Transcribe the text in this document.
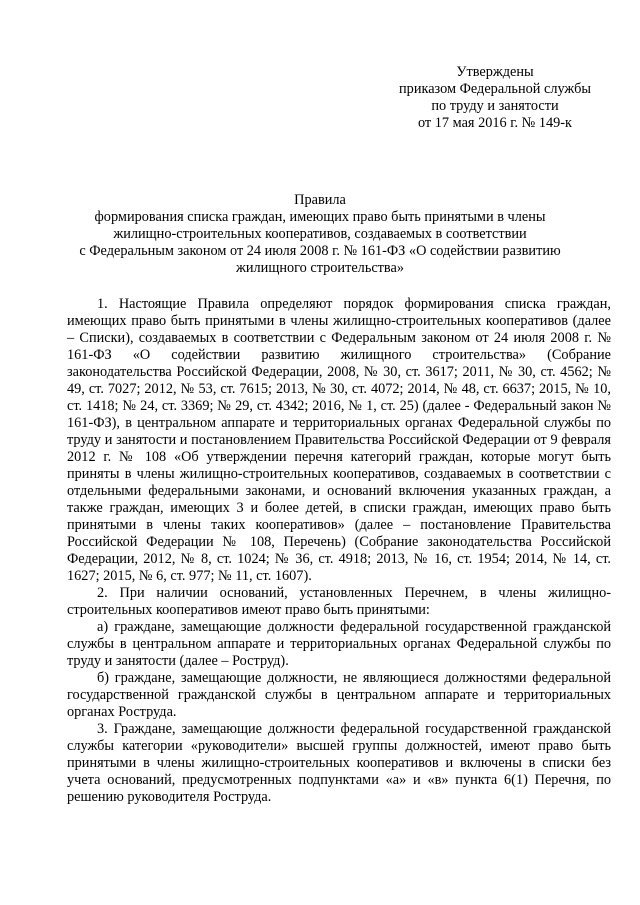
Утверждены
приказом Федеральной службы
по труду и занятости
от 17 мая 2016 г. № 149-к
Правила
формирования списка граждан, имеющих право быть принятыми в члены
жилищно-строительных кооперативов, создаваемых в соответствии
с Федеральным законом от 24 июля 2008 г. № 161-ФЗ «О содействии развитию
жилищного строительства»

1. Настоящие Правила определяют порядок формирования списка граждан, имеющих право быть принятыми в члены жилищно-строительных кооперативов (далее – Списки), создаваемых в соответствии с Федеральным законом от 24 июля 2008 г. № 161-ФЗ «О содействии развитию жилищного строительства» (Собрание законодательства Российской Федерации, 2008, № 30, ст. 3617; 2011, № 30, ст. 4562; № 49, ст. 7027; 2012, № 53, ст. 7615; 2013, № 30, ст. 4072; 2014, № 48, ст. 6637; 2015, № 10, ст. 1418; № 24, ст. 3369; № 29, ст. 4342; 2016, № 1, ст. 25) (далее - Федеральный закон № 161-ФЗ), в центральном аппарате и территориальных органах Федеральной службы по труду и занятости и постановлением Правительства Российской Федерации от 9 февраля 2012 г. № 108 «Об утверждении перечня категорий граждан, которые могут быть приняты в члены жилищно-строительных кооперативов, создаваемых в соответствии с отдельными федеральными законами, и оснований включения указанных граждан, а также граждан, имеющих 3 и более детей, в списки граждан, имеющих право быть принятыми в члены таких кооперативов» (далее – постановление Правительства Российской Федерации № 108, Перечень) (Собрание законодательства Российской Федерации, 2012, № 8, ст. 1024; № 36, ст. 4918; 2013, № 16, ст. 1954; 2014, № 14, ст. 1627; 2015, № 6, ст. 977; № 11, ст. 1607).

2. При наличии оснований, установленных Перечнем, в члены жилищно-строительных кооперативов имеют право быть принятыми:

а) граждане, замещающие должности федеральной государственной гражданской службы в центральном аппарате и территориальных органах Федеральной службы по труду и занятости (далее – Роструд).

б) граждане, замещающие должности, не являющиеся должностями федеральной государственной гражданской службы в центральном аппарате и территориальных органах Роструда.

3. Граждане, замещающие должности федеральной государственной гражданской службы категории «руководители» высшей группы должностей, имеют право быть принятыми в члены жилищно-строительных кооперативов и включены в списки без учета оснований, предусмотренных подпунктами «а» и «в» пункта 6(1) Перечня, по решению руководителя Роструда.
